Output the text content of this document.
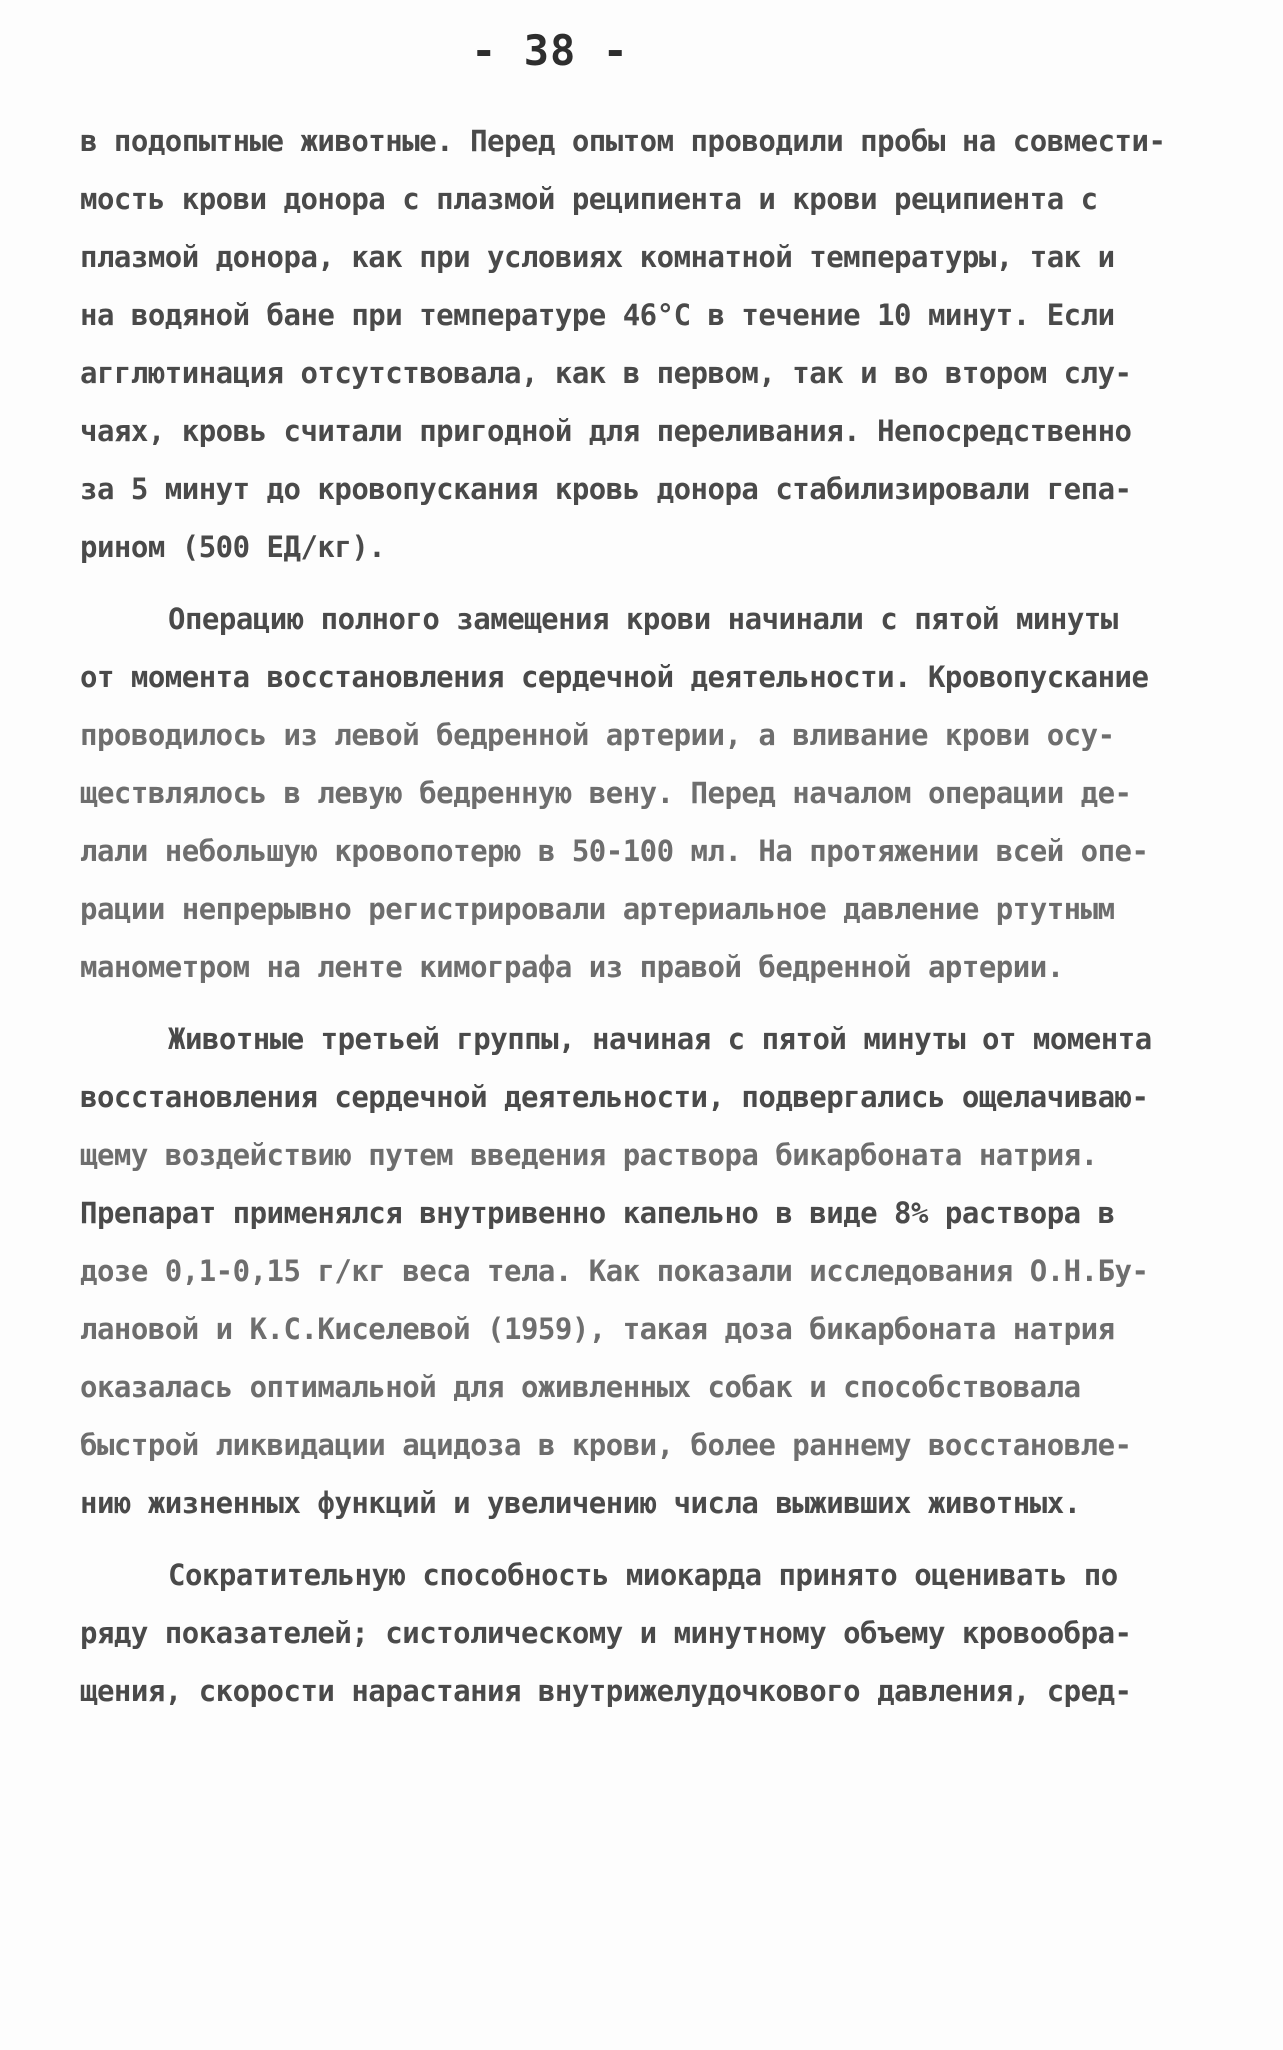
- 38 -
в подопытные животные. Перед опытом проводили пробы на совмести-
мость крови донора с плазмой реципиента и крови реципиента с
плазмой донора, как при условиях комнатной температуры, так и
на водяной бане при температуре 46°С в течение 10 минут. Если
агглютинация отсутствовала, как в первом, так и во втором слу-
чаях, кровь считали пригодной для переливания. Непосредственно
за 5 минут до кровопускания кровь донора стабилизировали гепа-
рином (500 ЕД/кг).
Операцию полного замещения крови начинали с пятой минуты
от момента восстановления сердечной деятельности. Кровопускание
проводилось из левой бедренной артерии, а вливание крови осу-
ществлялось в левую бедренную вену. Перед началом операции де-
лали небольшую кровопотерю в 50-100 мл. На протяжении всей опе-
рации непрерывно регистрировали артериальное давление ртутным
манометром на ленте кимографа из правой бедренной артерии.
Животные третьей группы, начиная с пятой минуты от момента
восстановления сердечной деятельности, подвергались ощелачиваю-
щему воздействию путем введения раствора бикарбоната натрия.
Препарат применялся внутривенно капельно в виде 8% раствора в
дозе 0,1-0,15 г/кг веса тела. Как показали исследования О.Н.Бу-
лановой и К.С.Киселевой (1959), такая доза бикарбоната натрия
оказалась оптимальной для оживленных собак и способствовала
быстрой ликвидации ацидоза в крови, более раннему восстановле-
нию жизненных функций и увеличению числа выживших животных.
Сократительную способность миокарда принято оценивать по
ряду показателей; систолическому и минутному объему кровообра-
щения, скорости нарастания внутрижелудочкового давления, сред-
